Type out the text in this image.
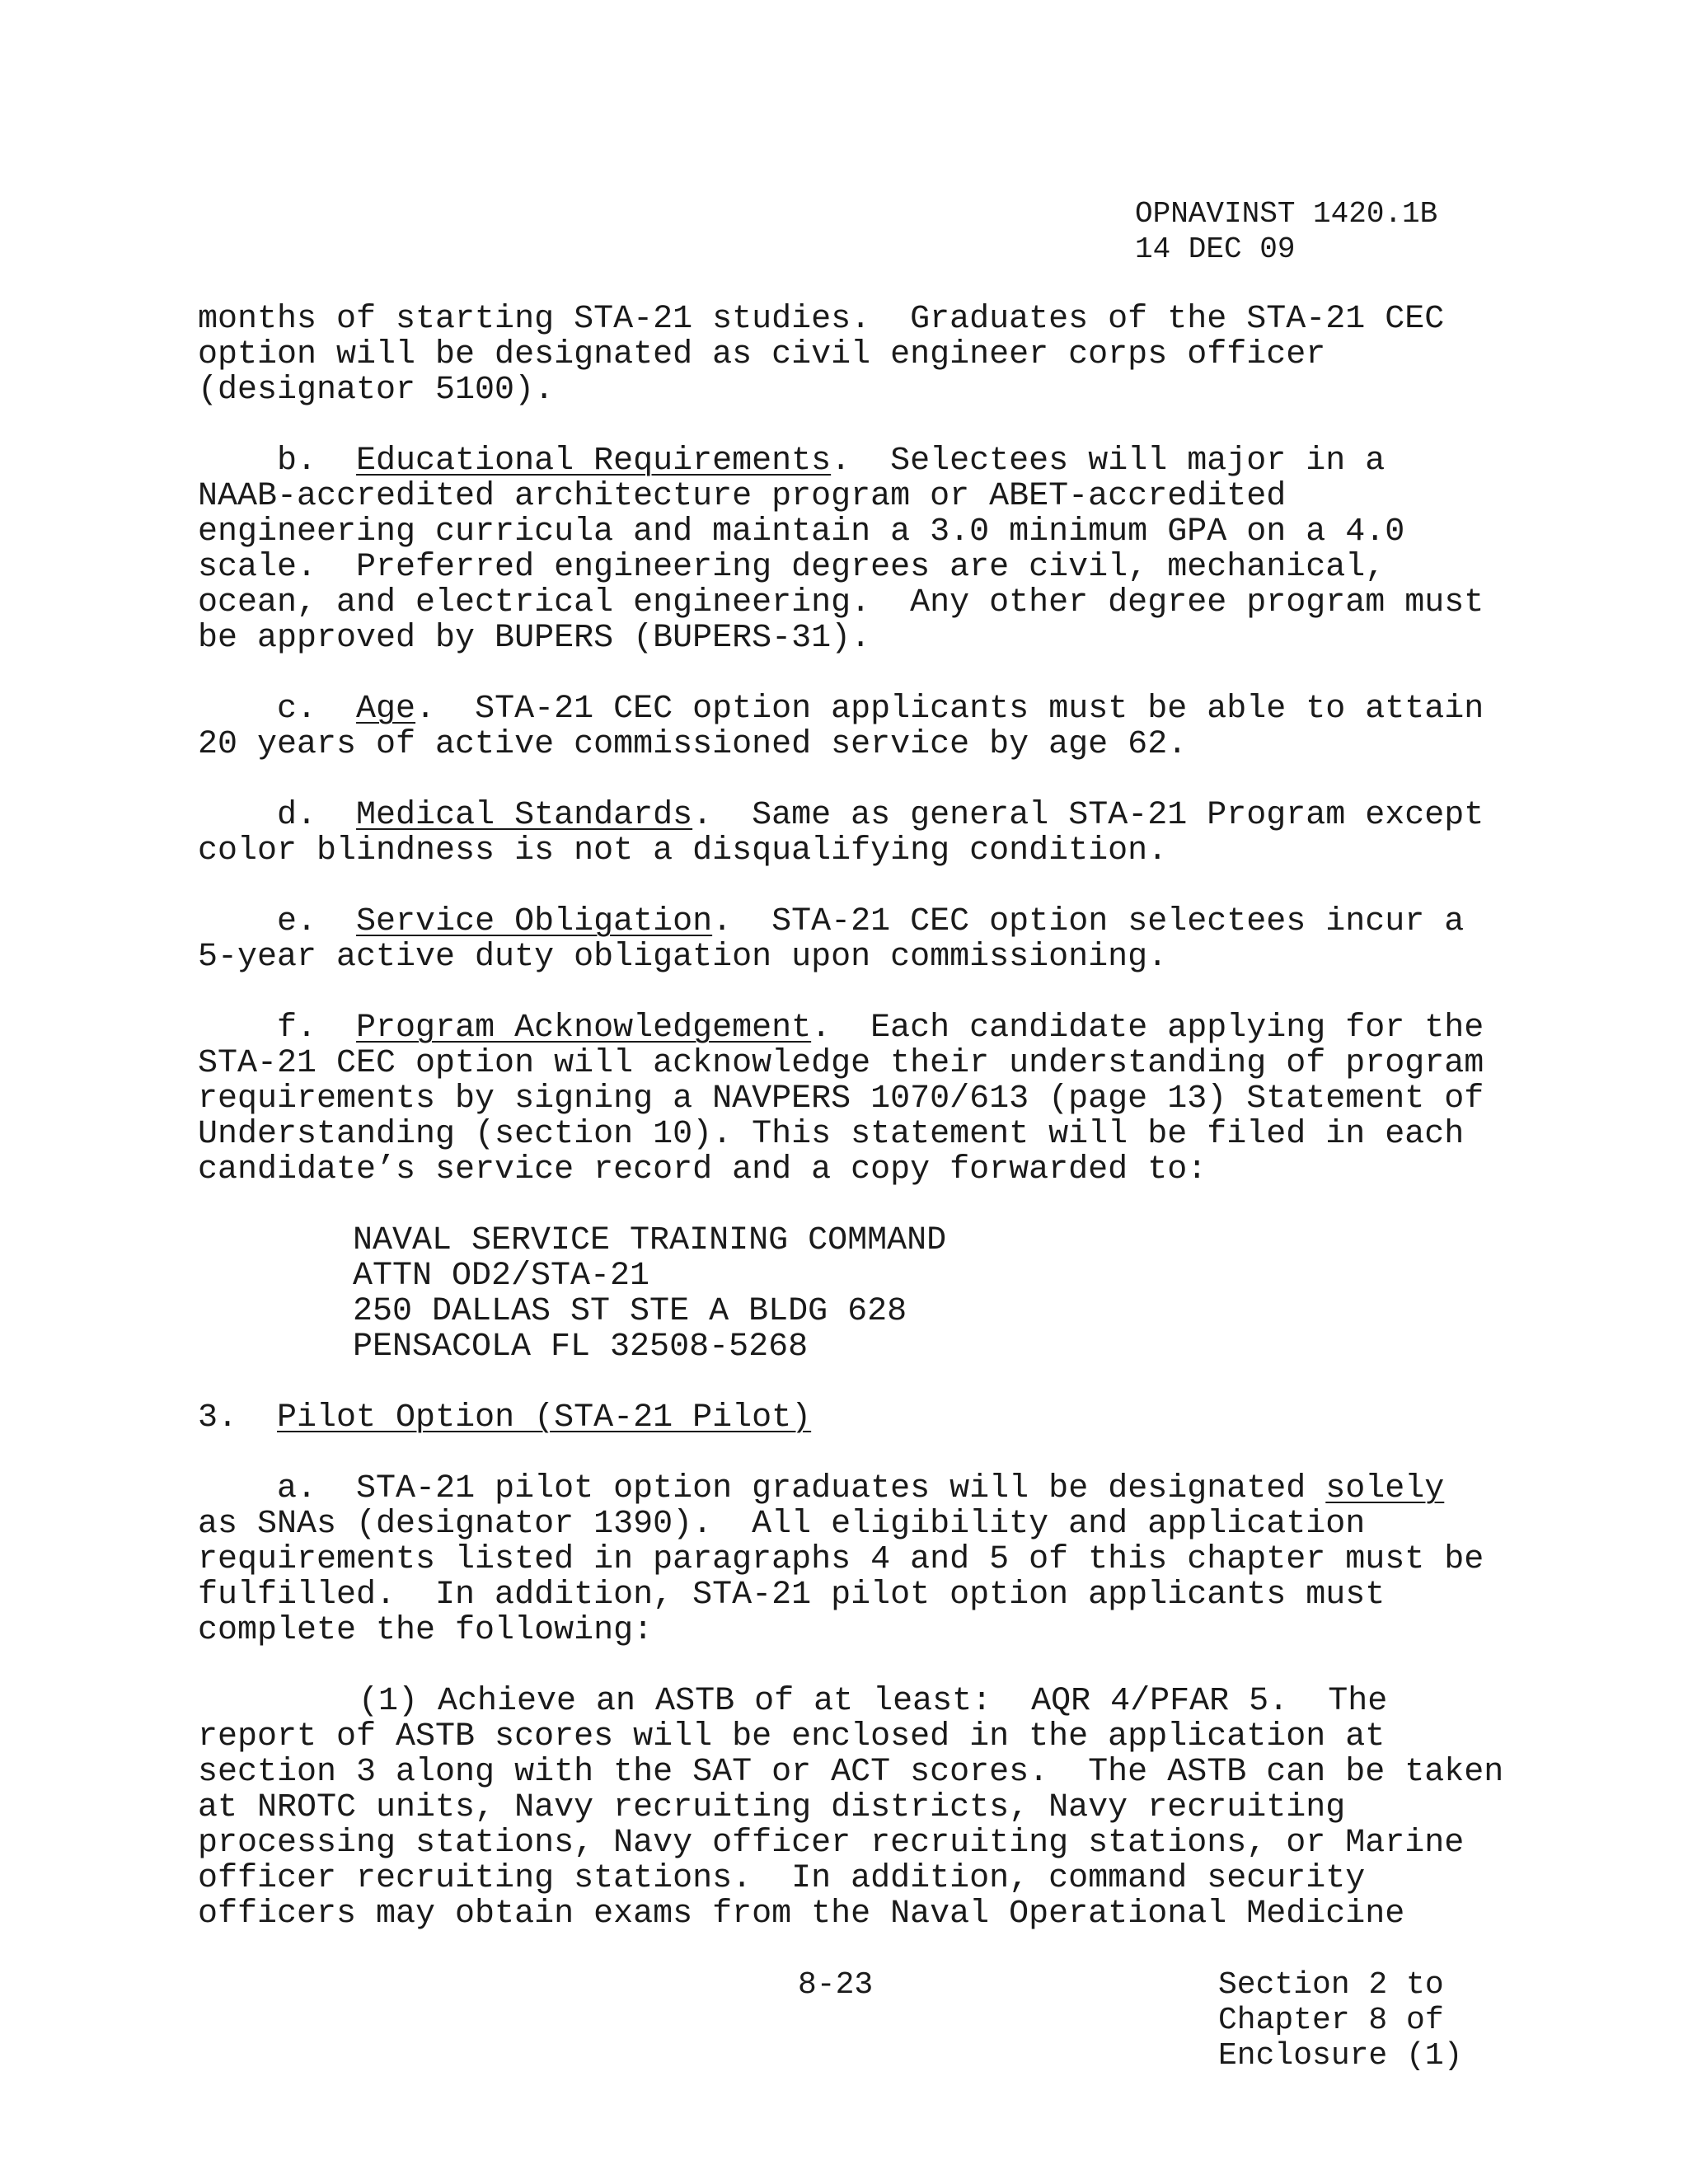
OPNAVINST 1420.1B
14 DEC 09
months of starting STA-21 studies.  Graduates of the STA-21 CEC
option will be designated as civil engineer corps officer
(designator 5100).
b. Educational Requirements.  Selectees will major in a
NAAB-accredited architecture program or ABET-accredited
engineering curricula and maintain a 3.0 minimum GPA on a 4.0
scale.  Preferred engineering degrees are civil, mechanical,
ocean, and electrical engineering.  Any other degree program must
be approved by BUPERS (BUPERS-31).
c. Age.  STA-21 CEC option applicants must be able to attain
20 years of active commissioned service by age 62.
d. Medical Standards.  Same as general STA-21 Program except
color blindness is not a disqualifying condition.
e. Service Obligation.  STA-21 CEC option selectees incur a
5-year active duty obligation upon commissioning.
f. Program Acknowledgement.  Each candidate applying for the
STA-21 CEC option will acknowledge their understanding of program
requirements by signing a NAVPERS 1070/613 (page 13) Statement of
Understanding (section 10). This statement will be filed in each
candidate’s service record and a copy forwarded to:
NAVAL SERVICE TRAINING COMMAND
ATTN OD2/STA-21
250 DALLAS ST STE A BLDG 628
PENSACOLA FL 32508-5268
3. Pilot Option (STA-21 Pilot)
a. STA-21 pilot option graduates will be designated solely
as SNAs (designator 1390).  All eligibility and application
requirements listed in paragraphs 4 and 5 of this chapter must be
fulfilled.  In addition, STA-21 pilot option applicants must
complete the following:
(1) Achieve an ASTB of at least:  AQR 4/PFAR 5.  The
report of ASTB scores will be enclosed in the application at
section 3 along with the SAT or ACT scores.  The ASTB can be taken
at NROTC units, Navy recruiting districts, Navy recruiting
processing stations, Navy officer recruiting stations, or Marine
officer recruiting stations.  In addition, command security
officers may obtain exams from the Naval Operational Medicine
8-23	Section 2 to
Chapter 8 of
Enclosure (1)
